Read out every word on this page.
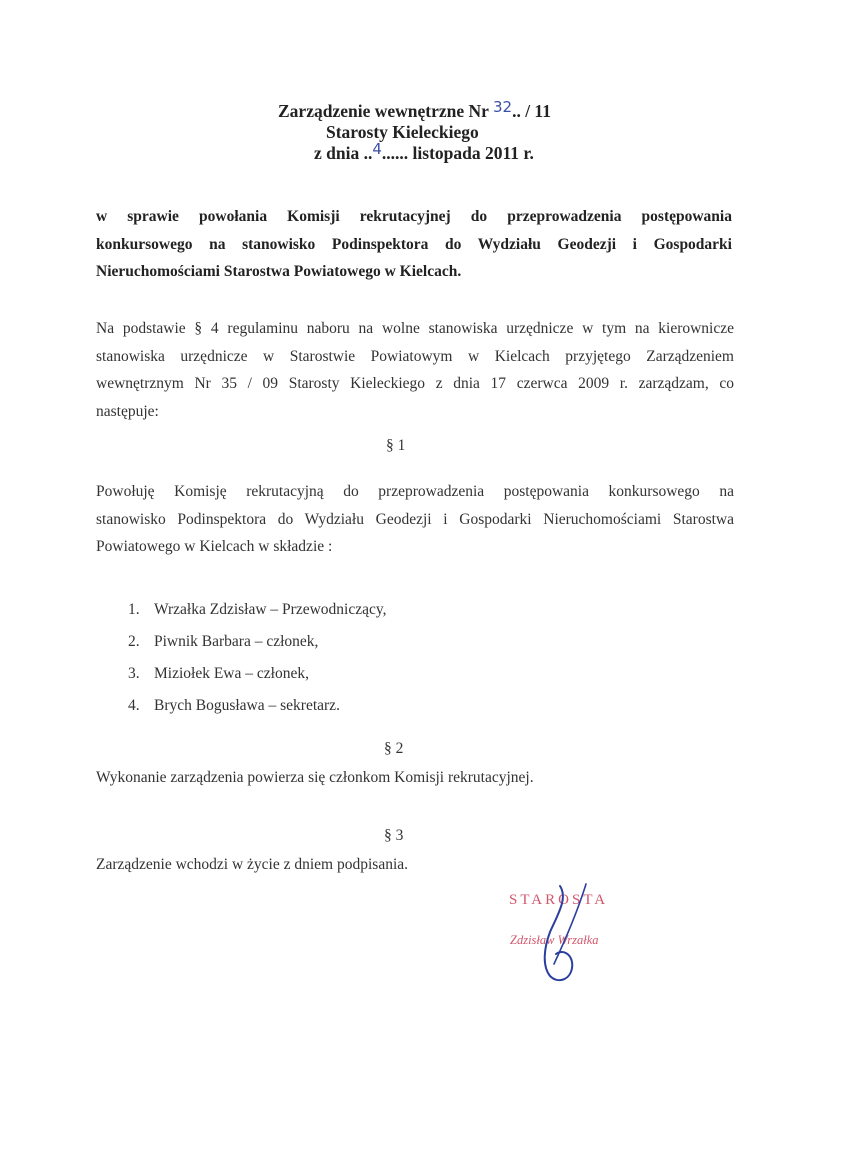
Zarządzenie wewnętrzne Nr 32.. / 11
Starosty Kieleckiego
z dnia ..4...... listopada 2011 r.
w sprawie powołania Komisji rekrutacyjnej do przeprowadzenia postępowania
konkursowego na stanowisko Podinspektora do Wydziału Geodezji i Gospodarki
Nieruchomościami Starostwa Powiatowego w Kielcach.
Na podstawie § 4 regulaminu naboru na wolne stanowiska urzędnicze w tym na kierownicze
stanowiska urzędnicze w Starostwie Powiatowym w Kielcach przyjętego Zarządzeniem
wewnętrznym Nr 35 / 09 Starosty Kieleckiego z dnia 17 czerwca 2009 r. zarządzam, co
następuje:
§ 1
Powołuję Komisję rekrutacyjną do przeprowadzenia postępowania konkursowego na
stanowisko Podinspektora do Wydziału Geodezji i Gospodarki Nieruchomościami Starostwa
Powiatowego w Kielcach w składzie :
1. Wrzałka Zdzisław – Przewodniczący,
2. Piwnik Barbara – członek,
3. Miziołek Ewa – członek,
4. Brych Bogusława – sekretarz.
§ 2
Wykonanie zarządzenia powierza się członkom Komisji rekrutacyjnej.
§ 3
Zarządzenie wchodzi w życie z dniem podpisania.
STAROSTA
Zdzisław Wrzałka
